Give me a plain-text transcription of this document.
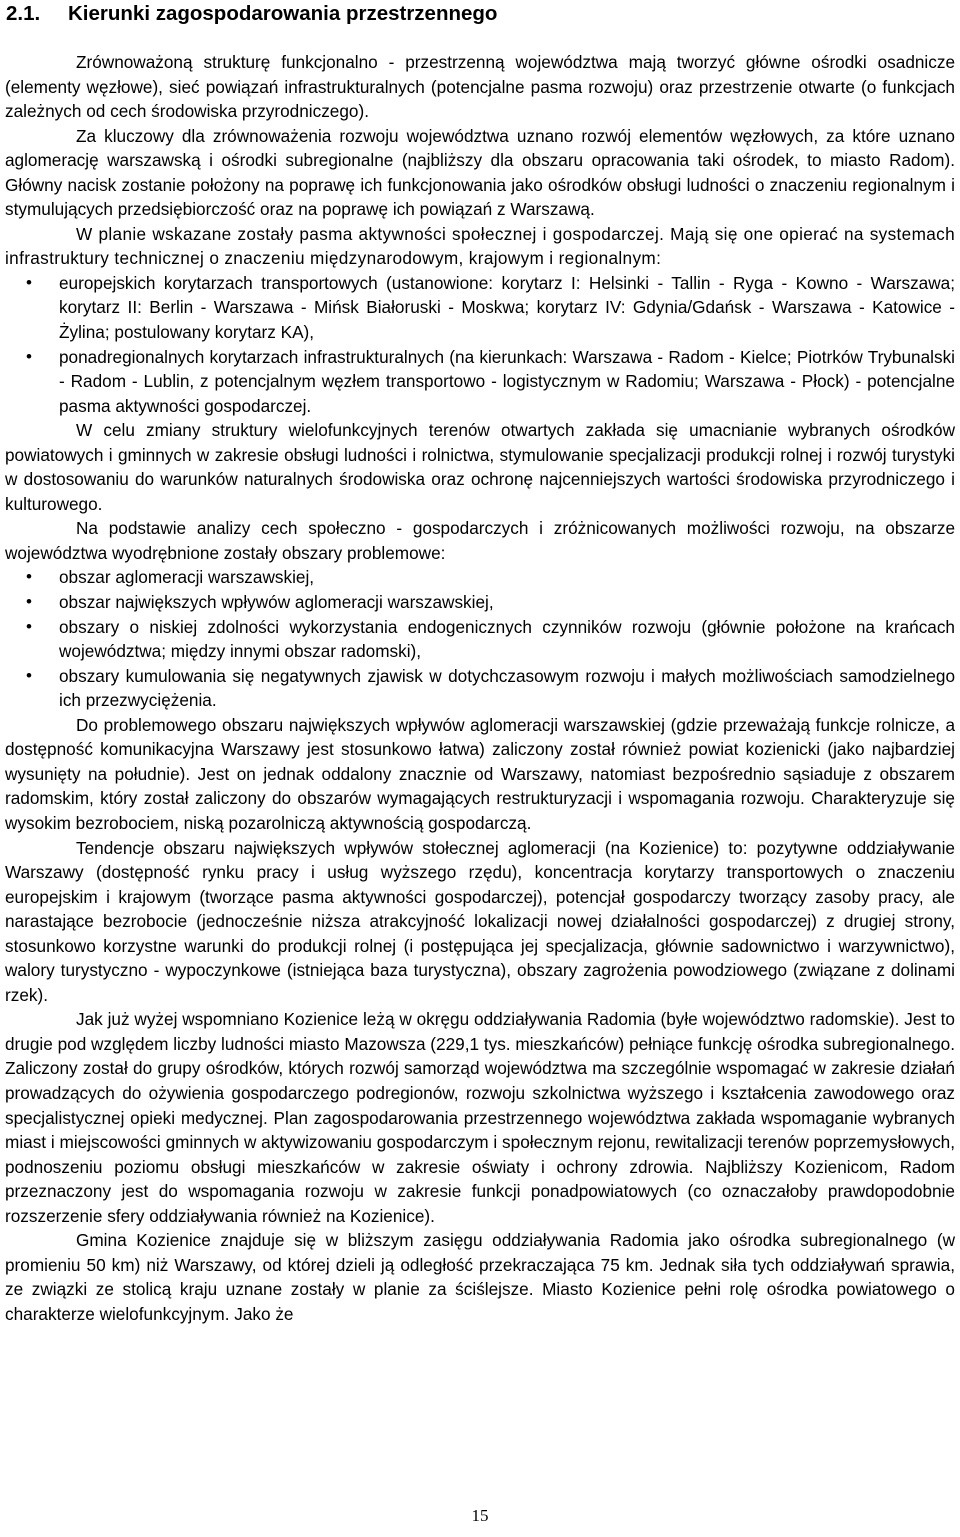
2.1. Kierunki zagospodarowania przestrzennego

Zrównoważoną strukturę funkcjonalno - przestrzenną województwa mają tworzyć główne ośrodki osadnicze (elementy węzłowe), sieć powiązań infrastrukturalnych (potencjalne pasma rozwoju) oraz przestrzenie otwarte (o funkcjach zależnych od cech środowiska przyrodniczego).

Za kluczowy dla zrównoważenia rozwoju województwa uznano rozwój elementów węzłowych, za które uznano aglomerację warszawską i ośrodki subregionalne (najbliższy dla obszaru opracowania taki ośrodek, to miasto Radom). Główny nacisk zostanie położony na poprawę ich funkcjonowania jako ośrodków obsługi ludności o znaczeniu regionalnym i stymulujących przedsiębiorczość oraz na poprawę ich powiązań z Warszawą.

W planie wskazane zostały pasma aktywności społecznej i gospodarczej. Mają się one opierać na systemach infrastruktury technicznej o znaczeniu międzynarodowym, krajowym i regionalnym:

•	europejskich korytarzach transportowych (ustanowione: korytarz I: Helsinki - Tallin - Ryga - Kowno - Warszawa; korytarz II: Berlin - Warszawa - Mińsk Białoruski - Moskwa; korytarz IV: Gdynia/Gdańsk - Warszawa - Katowice - Żylina; postulowany korytarz KA),
•	ponadregionalnych korytarzach infrastrukturalnych (na kierunkach: Warszawa - Radom - Kielce; Piotrków Trybunalski - Radom - Lublin, z potencjalnym węzłem transportowo - logistycznym w Radomiu; Warszawa - Płock) - potencjalne pasma aktywności gospodarczej.

W celu zmiany struktury wielofunkcyjnych terenów otwartych zakłada się umacnianie wybranych ośrodków powiatowych i gminnych w zakresie obsługi ludności i rolnictwa, stymulowanie specjalizacji produkcji rolnej i rozwój turystyki w dostosowaniu do warunków naturalnych środowiska oraz ochronę najcenniejszych wartości środowiska przyrodniczego i kulturowego.

Na podstawie analizy cech społeczno - gospodarczych i zróżnicowanych możliwości rozwoju, na obszarze województwa wyodrębnione zostały obszary problemowe:

•	obszar aglomeracji warszawskiej,
•	obszar największych wpływów aglomeracji warszawskiej,
•	obszary o niskiej zdolności wykorzystania endogenicznych czynników rozwoju (głównie położone na krańcach województwa; między innymi obszar radomski),
•	obszary kumulowania się negatywnych zjawisk w dotychczasowym rozwoju i małych możliwościach samodzielnego ich przezwyciężenia.

Do problemowego obszaru największych wpływów aglomeracji warszawskiej (gdzie przeważają funkcje rolnicze, a dostępność komunikacyjna Warszawy jest stosunkowo łatwa) zaliczony został również powiat kozienicki (jako najbardziej wysunięty na południe). Jest on jednak oddalony znacznie od Warszawy, natomiast bezpośrednio sąsiaduje z obszarem radomskim, który został zaliczony do obszarów wymagających restrukturyzacji i wspomagania rozwoju. Charakteryzuje się wysokim bezrobociem, niską pozarolniczą aktywnością gospodarczą.

Tendencje obszaru największych wpływów stołecznej aglomeracji (na Kozienice) to: pozytywne oddziaływanie Warszawy (dostępność rynku pracy i usług wyższego rzędu), koncentracja korytarzy transportowych o znaczeniu europejskim i krajowym (tworzące pasma aktywności gospodarczej), potencjał gospodarczy tworzący zasoby pracy, ale narastające bezrobocie (jednocześnie niższa atrakcyjność lokalizacji nowej działalności gospodarczej) z drugiej strony, stosunkowo korzystne warunki do produkcji rolnej (i postępująca jej specjalizacja, głównie sadownictwo i warzywnictwo), walory turystyczno - wypoczynkowe (istniejąca baza turystyczna), obszary zagrożenia powodziowego (związane z dolinami rzek).

Jak już wyżej wspomniano Kozienice leżą w okręgu oddziaływania Radomia (byłe województwo radomskie). Jest to drugie pod względem liczby ludności miasto Mazowsza (229,1 tys. mieszkańców) pełniące funkcję ośrodka subregionalnego. Zaliczony został do grupy ośrodków, których rozwój samorząd województwa ma szczególnie wspomagać w zakresie działań prowadzących do ożywienia gospodarczego podregionów, rozwoju szkolnictwa wyższego i kształcenia zawodowego oraz specjalistycznej opieki medycznej. Plan zagospodarowania przestrzennego województwa zakłada wspomaganie wybranych miast i miejscowości gminnych w aktywizowaniu gospodarczym i społecznym rejonu, rewitalizacji terenów poprzemysłowych, podnoszeniu poziomu obsługi mieszkańców w zakresie oświaty i ochrony zdrowia. Najbliższy Kozienicom, Radom przeznaczony jest do wspomagania rozwoju w zakresie funkcji ponadpowiatowych (co oznaczałoby prawdopodobnie rozszerzenie sfery oddziaływania również na Kozienice).

Gmina Kozienice znajduje się w bliższym zasięgu oddziaływania Radomia jako ośrodka subregionalnego (w promieniu 50 km) niż Warszawy, od której dzieli ją odległość przekraczająca 75 km. Jednak siła tych oddziaływań sprawia, ze związki ze stolicą kraju uznane zostały w planie za ściślejsze. Miasto Kozienice pełni rolę ośrodka powiatowego o charakterze wielofunkcyjnym. Jako że

15
